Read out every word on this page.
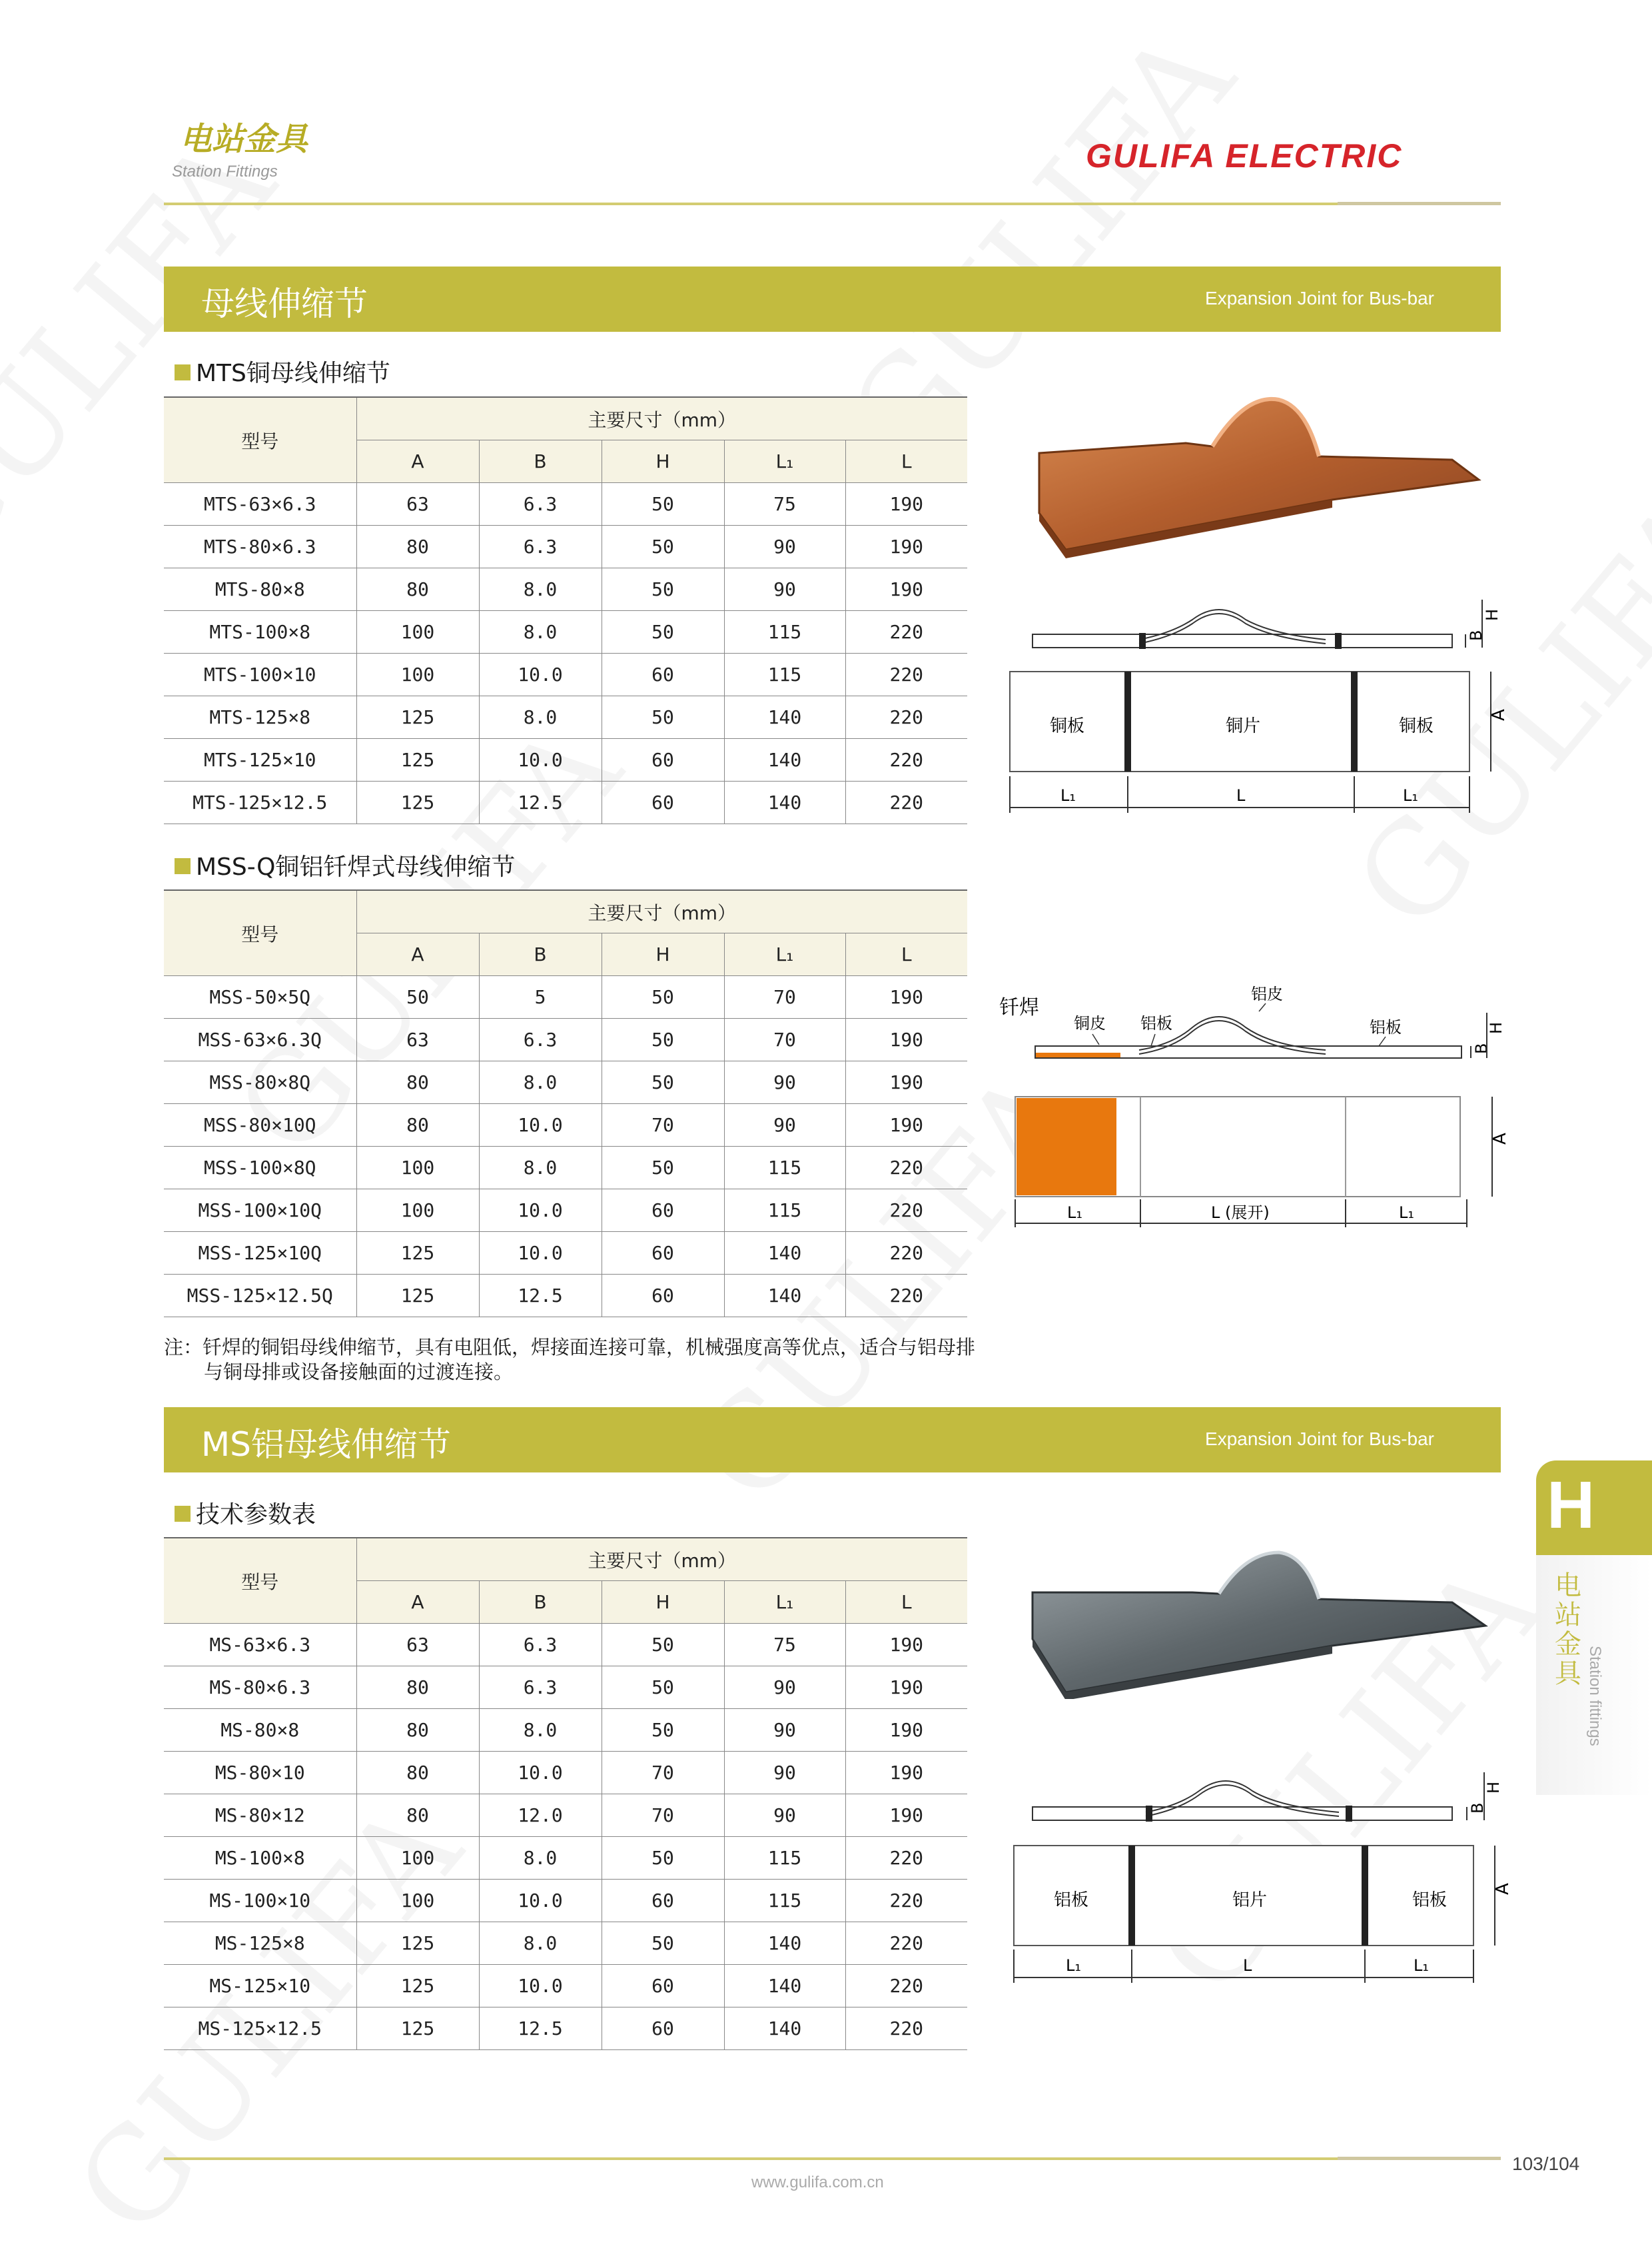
电站金具
Station Fittings	GULIFA ELECTRIC
母线伸缩节	Expansion Joint for Bus-bar
MTS铜母线伸缩节
型号	主要尺寸（mm）				
	A	B	H	L₁	L
MTS-63×6.3	63	6.3	50	75	190
MTS-80×6.3	80	6.3	50	90	190
MTS-80×8	80	8.0	50	90	190
MTS-100×8	100	8.0	50	115	220
MTS-100×10	100	10.0	60	115	220
MTS-125×8	125	8.0	50	140	220
MTS-125×10	125	10.0	60	140	220
MTS-125×12.5	125	12.5	60	140	220
B
H
铜板	铜片	铜板
A
L₁	L	L₁
MSS-Q铜铝钎焊式母线伸缩节
型号	主要尺寸（mm）				
	A	B	H	L₁	L
MSS-50×5Q	50	5	50	70	190
MSS-63×6.3Q	63	6.3	50	70	190
MSS-80×8Q	80	8.0	50	90	190
MSS-80×10Q	80	10.0	70	90	190
MSS-100×8Q	100	8.0	50	115	220
MSS-100×10Q	100	10.0	60	115	220
MSS-125×10Q	125	10.0	60	140	220
MSS-125×12.5Q	125	12.5	60	140	220
钎焊
铜皮 铝板
铝皮
铝板
B
H
A
L₁	L (展开)	L₁
注：钎焊的铜铝母线伸缩节，具有电阻低，焊接面连接可靠，机械强度高等优点，适合与铝母排
与铜母排或设备接触面的过渡连接。
MS铝母线伸缩节	Expansion Joint for Bus-bar
技术参数表
型号	主要尺寸（mm）				
	A	B	H	L₁	L
MS-63×6.3	63	6.3	50	75	190
MS-80×6.3	80	6.3	50	90	190
MS-80×8	80	8.0	50	90	190
MS-80×10	80	10.0	70	90	190
MS-80×12	80	12.0	70	90	190
MS-100×8	100	8.0	50	115	220
MS-100×10	100	10.0	60	115	220
MS-125×8	125	8.0	50	140	220
MS-125×10	125	10.0	60	140	220
MS-125×12.5	125	12.5	60	140	220
B
H
铝板	铝片	铝板
A
L₁	L	L₁
H
电站金具 Station fittings
103/104
www.gulifa.com.cn
